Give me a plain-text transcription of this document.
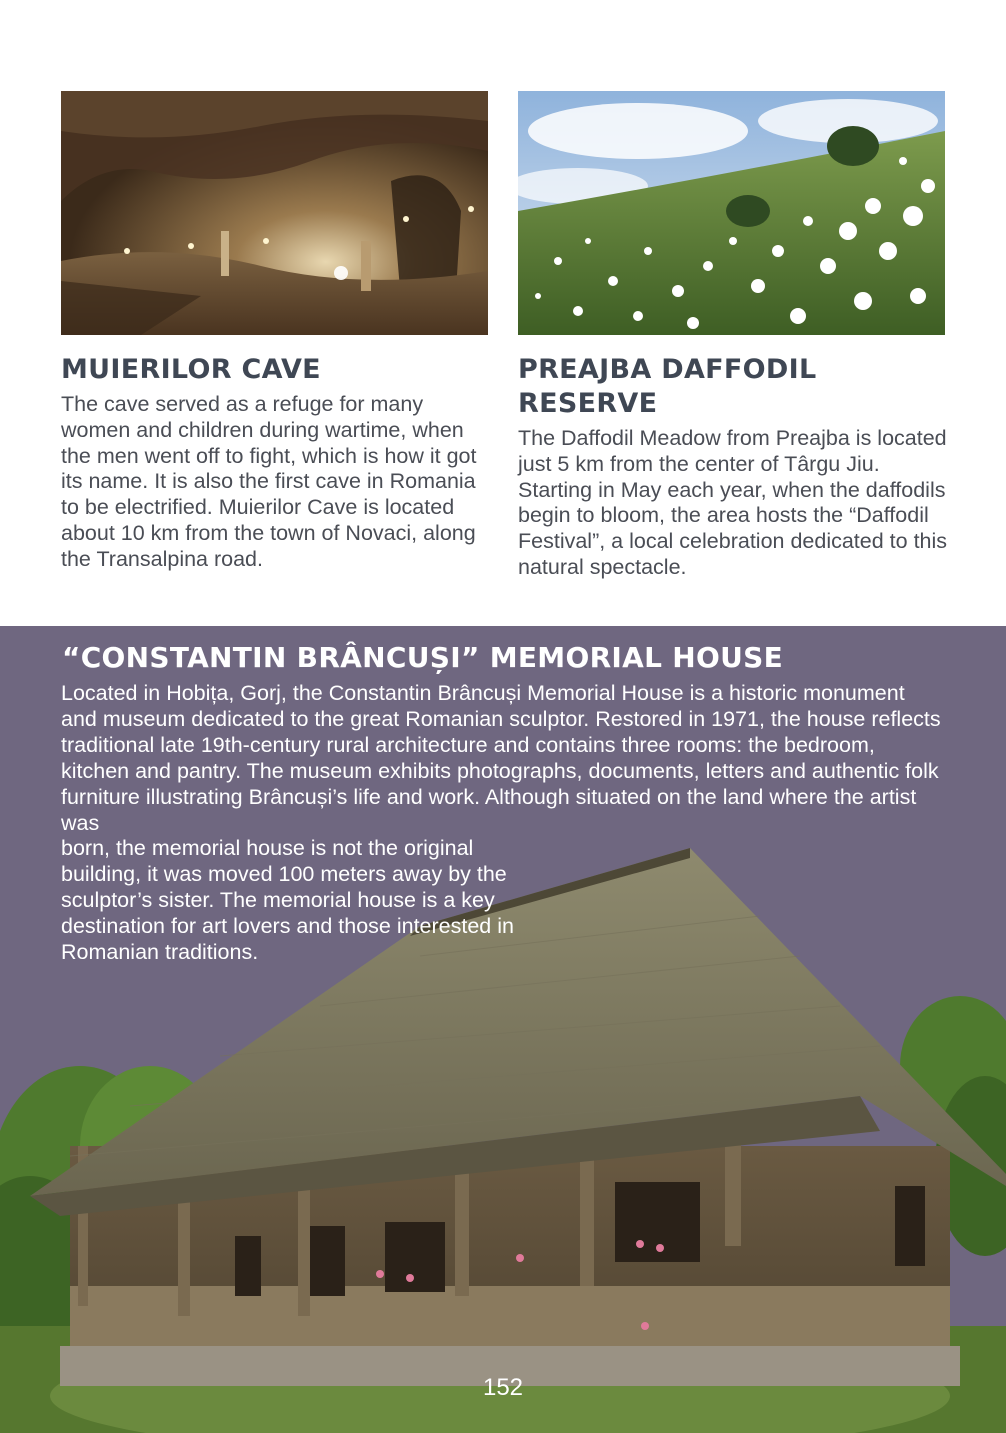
MUIERILOR CAVE

The cave served as a refuge for many women and children during wartime, when the men went off to fight, which is how it got its name. It is also the first cave in Romania to be electrified. Muierilor Cave is located about 10 km from the town of Novaci, along the Transalpina road.

PREAJBA DAFFODIL RESERVE

The Daffodil Meadow from Preajba is located just 5 km from the center of Târgu Jiu. Starting in May each year, when the daffodils begin to bloom, the area hosts the “Daffodil Festival”, a local celebration dedicated to this natural spectacle.

“CONSTANTIN BRÂNCUȘI” MEMORIAL HOUSE

Located in Hobița, Gorj, the Constantin Brâncuși Memorial House is a historic monument and museum dedicated to the great Romanian sculptor. Restored in 1971, the house reflects traditional late 19th-century rural architecture and contains three rooms: the bedroom, kitchen and pantry. The museum exhibits photographs, documents, letters and authentic folk furniture illustrating Brâncuși’s life and work. Although situated on the land where the artist was

born, the memorial house is not the original building, it was moved 100 meters away by the sculptor’s sister. The memorial house is a key destination for art lovers and those interested in Romanian traditions.

152
